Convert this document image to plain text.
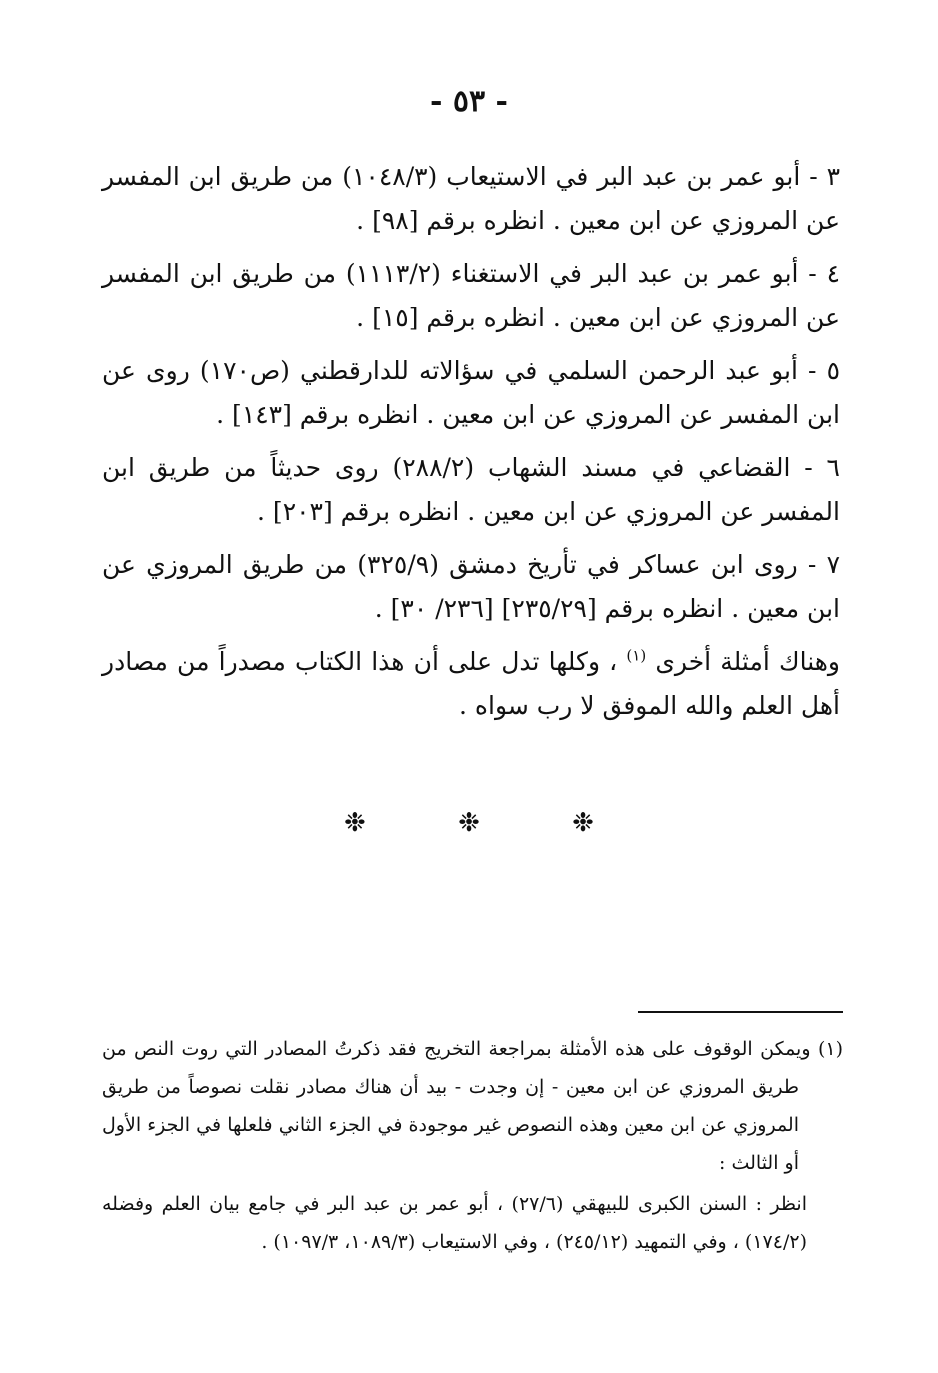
- ٥٣ -

٣ - أبو عمر بن عبد البر في الاستيعاب (١٠٤٨/٣) من طريق ابن المفسر عن المروزي عن ابن معين . انظره برقم [٩٨] .

٤ - أبو عمر بن عبد البر في الاستغناء (١١١٣/٢) من طريق ابن المفسر عن المروزي عن ابن معين . انظره برقم [١٥] .

٥ - أبو عبد الرحمن السلمي في سؤالاته للدارقطني (ص١٧٠) روى عن ابن المفسر عن المروزي عن ابن معين . انظره برقم [١٤٣] .

٦ - القضاعي في مسند الشهاب (٢٨٨/٢) روى حديثاً من طريق ابن المفسر عن المروزي عن ابن معين . انظره برقم [٢٠٣] .

٧ - روى ابن عساكر في تأريخ دمشق (٣٢٥/٩) من طريق المروزي عن ابن معين . انظره برقم [٢٣٥/٢٩] [٢٣٦/ ٣٠] .

وهناك أمثلة أخرى $^{(١)}$ ، وكلها تدل على أن هذا الكتاب مصدراً من مصادر أهل العلم والله الموفق لا رب سواه .

❉	❉	❉

(١) ويمكن الوقوف على هذه الأمثلة بمراجعة التخريج فقد ذكرتُ المصادر التي روت النص من طريق المروزي عن ابن معين - إن وجدت - بيد أن هناك مصادر نقلت نصوصاً من طريق المروزي عن ابن معين وهذه النصوص غير موجودة في الجزء الثاني فلعلها في الجزء الأول أو الثالث :

انظر : السنن الكبرى للبيهقي (٢٧/٦) ، أبو عمر بن عبد البر في جامع بيان العلم وفضله (١٧٤/٢) ، وفي التمهيد (٢٤٥/١٢) ، وفي الاستيعاب (١٠٨٩/٣، ١٠٩٧/٣) .
